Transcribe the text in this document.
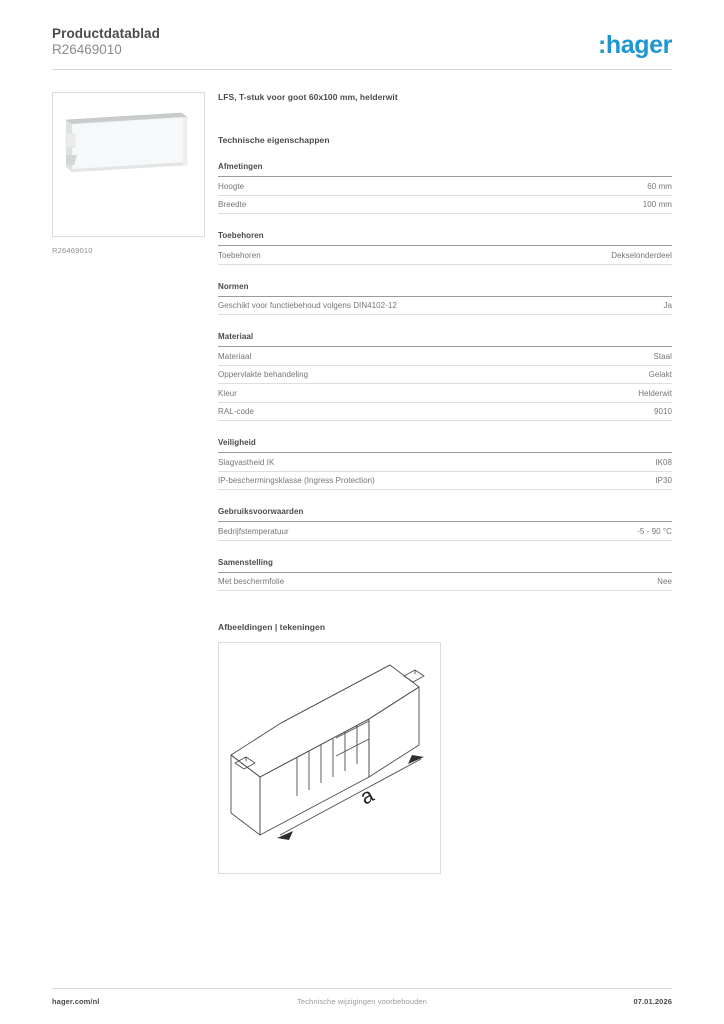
Productdatablad
R26469010	:hager
R26469010
LFS, T-stuk voor goot 60x100 mm, helderwit
Technische eigenschappen
Afmetingen
Hoogte	60 mm
Breedte	100 mm
Toebehoren
Toebehoren	Dekselonderdeel
Normen
Geschikt voor functiebehoud volgens DIN4102-12	Ja
Materiaal
Materiaal	Staal
Oppervlakte behandeling	Gelakt
Kleur	Helderwit
RAL-code	9010
Veiligheid
Slagvastheid IK	IK08
IP-beschermingsklasse (Ingress Protection)	IP30
Gebruiksvoorwaarden
Bedrijfstemperatuur	-5 - 90 °C
Samenstelling
Met beschermfolie	Nee
Afbeeldingen | tekeningen
a
hager.com/nl	Technische wijzigingen voorbehouden	07.01.2026
